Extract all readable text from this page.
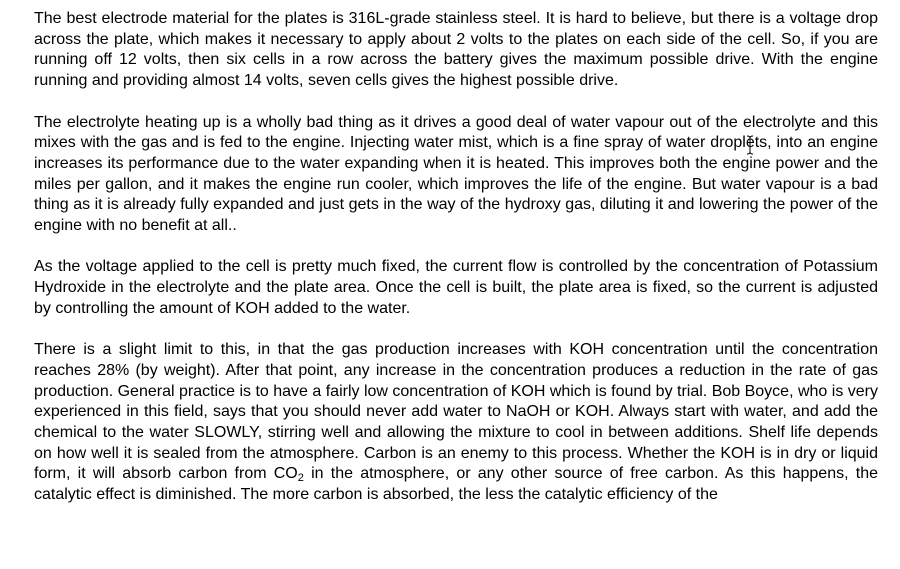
The best electrode material for the plates is 316L-grade stainless steel. It is hard to believe, but there is a voltage drop across the plate, which makes it necessary to apply about 2 volts to the plates on each side of the cell. So, if you are running off 12 volts, then six cells in a row across the battery gives the maximum possible drive. With the engine running and providing almost 14 volts, seven cells gives the highest possible drive.

The electrolyte heating up is a wholly bad thing as it drives a good deal of water vapour out of the electrolyte and this mixes with the gas and is fed to the engine. Injecting water mist, which is a fine spray of water droplets, into an engine increases its performance due to the water expanding when it is heated. This improves both the engine power and the miles per gallon, and it makes the engine run cooler, which improves the life of the engine. But water vapour is a bad thing as it is already fully expanded and just gets in the way of the hydroxy gas, diluting it and lowering the power of the engine with no benefit at all..

As the voltage applied to the cell is pretty much fixed, the current flow is controlled by the concentration of Potassium Hydroxide in the electrolyte and the plate area. Once the cell is built, the plate area is fixed, so the current is adjusted by controlling the amount of KOH added to the water.

There is a slight limit to this, in that the gas production increases with KOH concentration until the concentration reaches 28% (by weight). After that point, any increase in the concentration produces a reduction in the rate of gas production. General practice is to have a fairly low concentration of KOH which is found by trial. Bob Boyce, who is very experienced in this field, says that you should never add water to NaOH or KOH. Always start with water, and add the chemical to the water SLOWLY, stirring well and allowing the mixture to cool in between additions. Shelf life depends on how well it is sealed from the atmosphere. Carbon is an enemy to this process. Whether the KOH is in dry or liquid form, it will absorb carbon from $CO_2$ in the atmosphere, or any other source of free carbon. As this happens, the catalytic effect is diminished. The more carbon is absorbed, the less the catalytic efficiency of the
